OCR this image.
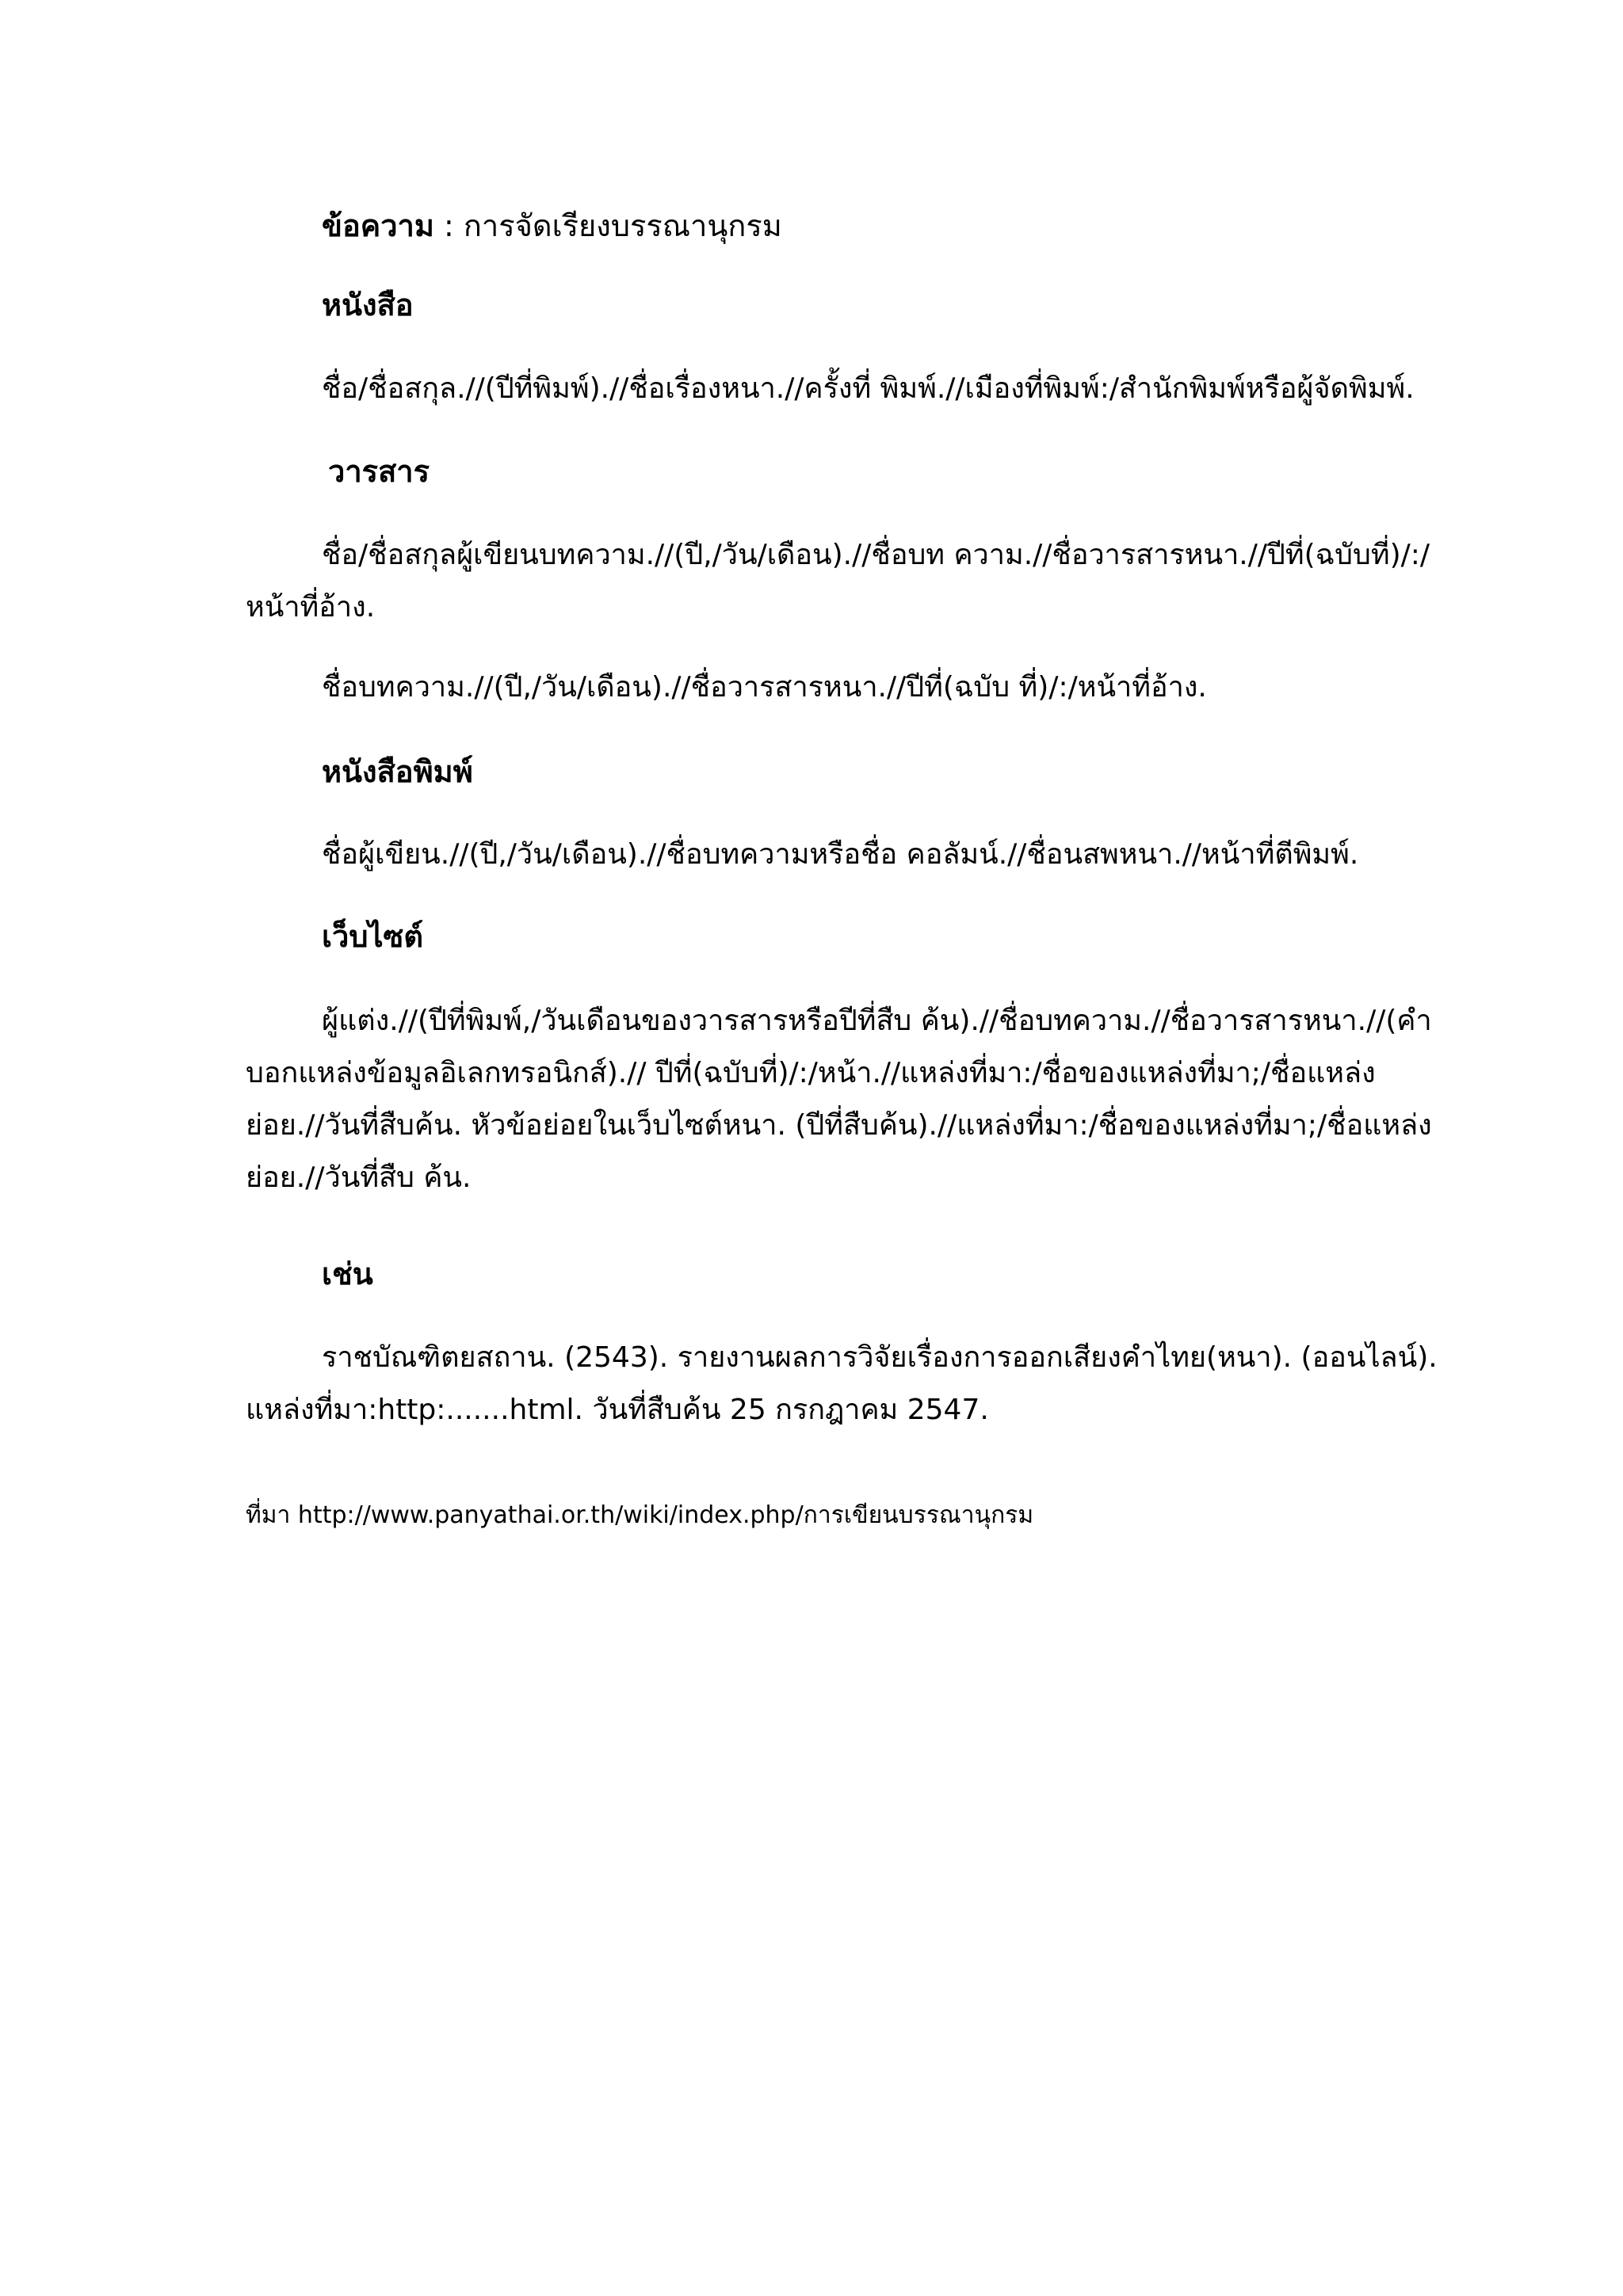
ข้อความ : การจัดเรียงบรรณานุกรม
หนังสือ
ชื่อ/ชื่อสกุล.//(ปีที่พิมพ์).//ชื่อเรื่องหนา.//ครั้งที่ พิมพ์.//เมืองที่พิมพ์:/สำนักพิมพ์หรือผู้จัดพิมพ์.
วารสาร
ชื่อ/ชื่อสกุลผู้เขียนบทความ.//(ปี,/วัน/เดือน).//ชื่อบท ความ.//ชื่อวารสารหนา.//ปีที่(ฉบับที่)/:/
หน้าที่อ้าง.
ชื่อบทความ.//(ปี,/วัน/เดือน).//ชื่อวารสารหนา.//ปีที่(ฉบับ ที่)/:/หน้าที่อ้าง.
หนังสือพิมพ์
ชื่อผู้เขียน.//(ปี,/วัน/เดือน).//ชื่อบทความหรือชื่อ คอลัมน์.//ชื่อนสพหนา.//หน้าที่ตีพิมพ์.
เว็บไซต์
ผู้แต่ง.//(ปีที่พิมพ์,/วันเดือนของวารสารหรือปีที่สืบ ค้น).//ชื่อบทความ.//ชื่อวารสารหนา.//(คำ
บอกแหล่งข้อมูลอิเลกทรอนิกส์).// ปีที่(ฉบับที่)/:/หน้า.//แหล่งที่มา:/ชื่อของแหล่งที่มา;/ชื่อแหล่ง
ย่อย.//วันที่สืบค้น. หัวข้อย่อยในเว็บไซต์หนา. (ปีที่สืบค้น).//แหล่งที่มา:/ชื่อของแหล่งที่มา;/ชื่อแหล่ง
ย่อย.//วันที่สืบ ค้น.
เช่น
ราชบัณฑิตยสถาน. (2543). รายงานผลการวิจัยเรื่องการออกเสียงคำไทย(หนา). (ออนไลน์).
แหล่งที่มา:http:.......html. วันที่สืบค้น 25 กรกฎาคม 2547.
ที่มา http://www.panyathai.or.th/wiki/index.php/การเขียนบรรณานุกรม
